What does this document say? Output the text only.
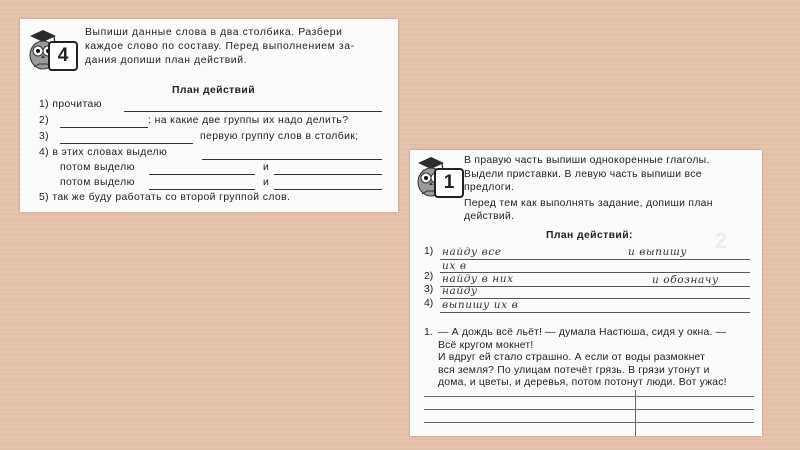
4
Выпиши данные слова в два столбика. Разбери
каждое слово по составу. Перед выполнением за-
дания допиши план действий.
План действий
1) прочитаю
2)	: на какие две группы их надо делить?
3)	первую группу слов в столбик;
4) в этих словах выделю
потом выделю	и
потом выделю	и
5) так же буду работать со второй группой слов.
2
1
В правую часть выпиши однокоренные глаголы.
Выдели приставки. В левую часть выпиши все
предлоги.
Перед тем как выполнять задание, допиши план
действий.
План действий:
1) найду все	и выпишу
их в
2) найду в них	и обозначу
3) найду
4) выпишу их в
1. — А дождь всё льёт! — думала Настюша, сидя у окна. —
Всё кругом мокнет!
И вдруг ей стало страшно. А если от воды размокнет
вся земля? По улицам потечёт грязь. В грязи утонут и
дома, и цветы, и деревья, потом потонут люди. Вот ужас!
